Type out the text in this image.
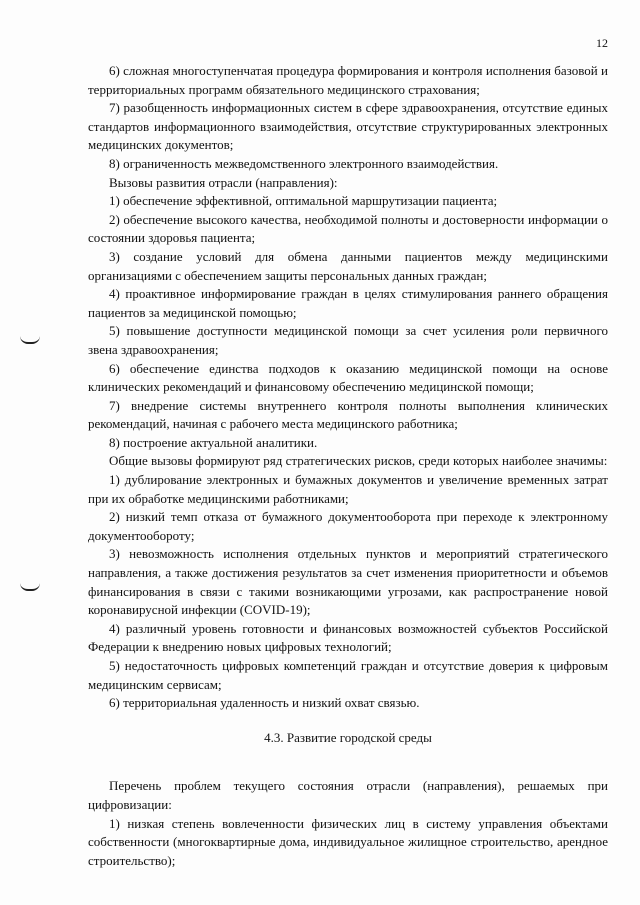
12

6) сложная многоступенчатая процедура формирования и контроля исполнения базовой и территориальных программ обязательного медицинского страхования;

7) разобщенность информационных систем в сфере здравоохранения, отсутствие единых стандартов информационного взаимодействия, отсутствие структурированных электронных медицинских документов;

8) ограниченность межведомственного электронного взаимодействия.

Вызовы развития отрасли (направления):

1) обеспечение эффективной, оптимальной маршрутизации пациента;

2) обеспечение высокого качества, необходимой полноты и достоверности информации о состоянии здоровья пациента;

3) создание условий для обмена данными пациентов между медицинскими организациями с обеспечением защиты персональных данных граждан;

4) проактивное информирование граждан в целях стимулирования раннего обращения пациентов за медицинской помощью;

5) повышение доступности медицинской помощи за счет усиления роли первичного звена здравоохранения;

6) обеспечение единства подходов к оказанию медицинской помощи на основе клинических рекомендаций и финансовому обеспечению медицинской помощи;

7) внедрение системы внутреннего контроля полноты выполнения клинических рекомендаций, начиная с рабочего места медицинского работника;

8) построение актуальной аналитики.

Общие вызовы формируют ряд стратегических рисков, среди которых наиболее значимы:

1) дублирование электронных и бумажных документов и увеличение временных затрат при их обработке медицинскими работниками;

2) низкий темп отказа от бумажного документооборота при переходе к электронному документообороту;

3) невозможность исполнения отдельных пунктов и мероприятий стратегического направления, а также достижения результатов за счет изменения приоритетности и объемов финансирования в связи с такими возникающими угрозами, как распространение новой коронавирусной инфекции (COVID-19);

4) различный уровень готовности и финансовых возможностей субъектов Российской Федерации к внедрению новых цифровых технологий;

5) недостаточность цифровых компетенций граждан и отсутствие доверия к цифровым медицинским сервисам;

6) территориальная удаленность и низкий охват связью.

4.3. Развитие городской среды

Перечень проблем текущего состояния отрасли (направления), решаемых при цифровизации:

1) низкая степень вовлеченности физических лиц в систему управления объектами собственности (многоквартирные дома, индивидуальное жилищное строительство, арендное строительство);
